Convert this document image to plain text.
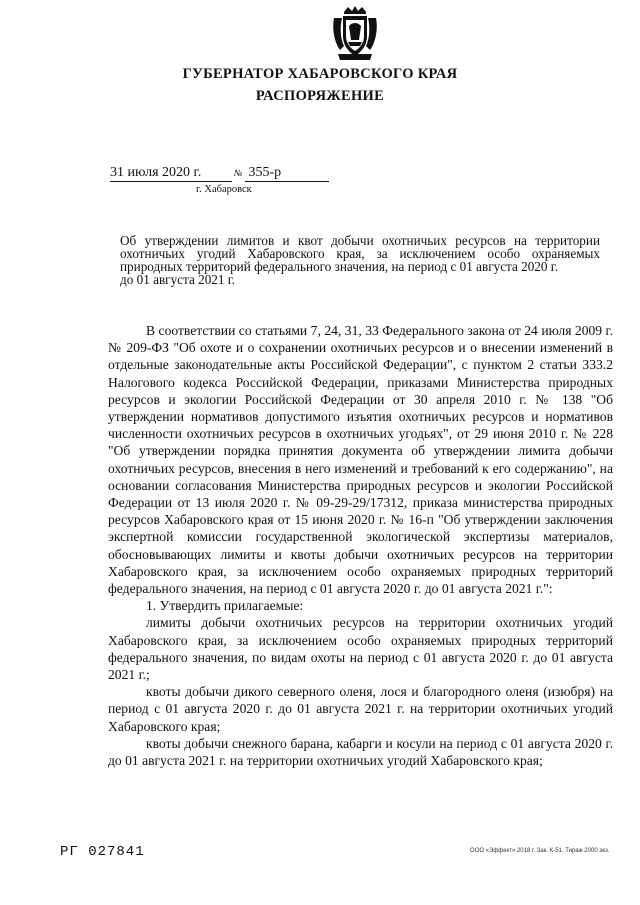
ГУБЕРНАТОР ХАБАРОВСКОГО КРАЯ
РАСПОРЯЖЕНИЕ
31 июля 2020 г.	№ 355-р
г. Хабаровск
Об утверждении лимитов и квот добычи охотничьих ресурсов на территории охотничьих угодий Хабаровского края, за исключением особо охраняемых природных территорий федерального значения, на период с 01 августа 2020 г.
до 01 августа 2021 г.

В соответствии со статьями 7, 24, 31, 33 Федерального закона от 24 июля 2009 г. № 209-ФЗ "Об охоте и о сохранении охотничьих ресурсов и о внесении изменений в отдельные законодательные акты Российской Федерации", с пунктом 2 статьи 333.2 Налогового кодекса Российской Федерации, приказами Министерства природных ресурсов и экологии Российской Федерации от 30 апреля 2010 г. № 138 "Об утверждении нормативов допустимого изъятия охотничьих ресурсов и нормативов численности охотничьих ресурсов в охотничьих угодьях", от 29 июня 2010 г. № 228 "Об утверждении порядка принятия документа об утверждении лимита добычи охотничьих ресурсов, внесения в него изменений и требований к его содержанию", на основании согласования Министерства природных ресурсов и экологии Российской Федерации от 13 июля 2020 г. № 09-29-29/17312, приказа министерства природных ресурсов Хабаровского края от 15 июня 2020 г. № 16-п "Об утверждении заключения экспертной комиссии государственной экологической экспертизы материалов, обосновывающих лимиты и квоты добычи охотничьих ресурсов на территории Хабаровского края, за исключением особо охраняемых природных территорий федерального значения, на период с 01 августа 2020 г. до 01 августа 2021 г.":

1. Утвердить прилагаемые:

лимиты добычи охотничьих ресурсов на территории охотничьих угодий Хабаровского края, за исключением особо охраняемых природных территорий федерального значения, по видам охоты на период с 01 августа 2020 г. до 01 августа 2021 г.;

квоты добычи дикого северного оленя, лося и благородного оленя (изюбря) на период с 01 августа 2020 г. до 01 августа 2021 г. на территории охотничьих угодий Хабаровского края;

квоты добычи снежного барана, кабарги и косули на период с 01 августа 2020 г. до 01 августа 2021 г. на территории охотничьих угодий Хабаровского края;

РГ 027841	ООО «Эффект» 2018 г. Зак. К-51. Тираж 2000 экз.
